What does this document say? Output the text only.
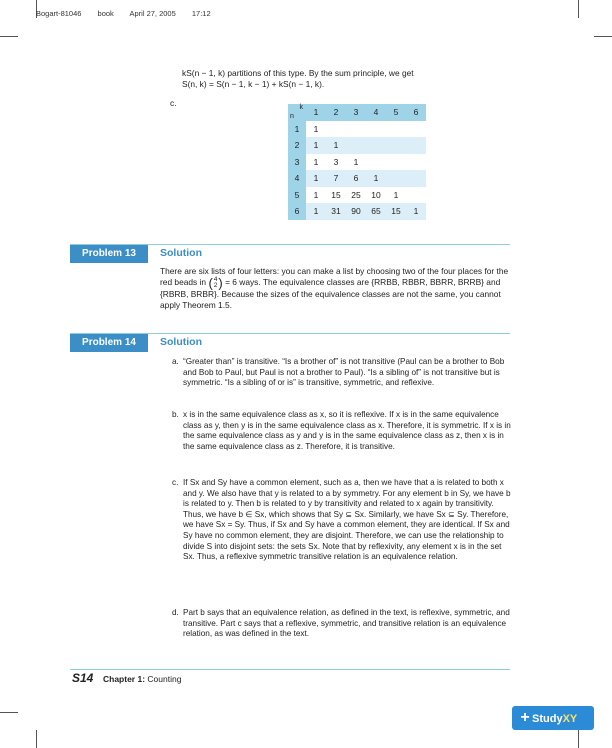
Bogart-81046 book April 27, 2005 17:12
kS(n − 1, k) partitions of this type. By the sum principle, we get
S(n, k) = S(n − 1, k − 1) + kS(n − 1, k).
c.
n
k	1	2	3	4	5	6
1	1					
2	1	1				
3	1	3	1			
4	1	7	6	1		
5	1	15	25	10	1	
6	1	31	90	65	15	1
Problem 13	Solution
There are six lists of four letters: you can make a list by choosing two of the four places for the red beads in (4
2) = 6 ways. The equivalence classes are {RRBB, RBBR, BBRR, BRRB} and {RBRB, BRBR}. Because the sizes of the equivalence classes are not the same, you cannot apply Theorem 1.5.
Problem 14	Solution
a. “Greater than” is transitive. “Is a brother of” is not transitive (Paul can be a brother to Bob and Bob to Paul, but Paul is not a brother to Paul). “Is a sibling of” is not transitive but is symmetric. “Is a sibling of or is” is transitive, symmetric, and reflexive.
b. x is in the same equivalence class as x, so it is reflexive. If x is in the same equivalence class as y, then y is in the same equivalence class as x. Therefore, it is symmetric. If x is in the same equivalence class as y and y is in the same equivalence class as z, then x is in the same equivalence class as z. Therefore, it is transitive.
c. If Sx and Sy have a common element, such as a, then we have that a is related to both x and y. We also have that y is related to a by symmetry. For any element b in Sy, we have b is related to y. Then b is related to y by transitivity and related to x again by transitivity. Thus, we have b ∈ Sx, which shows that Sy ⊆ Sx. Similarly, we have Sx ⊆ Sy. Therefore, we have Sx = Sy. Thus, if Sx and Sy have a common element, they are identical. If Sx and Sy have no common element, they are disjoint. Therefore, we can use the relationship to divide S into disjoint sets: the sets Sx. Note that by reflexivity, any element x is in the set Sx. Thus, a reflexive symmetric transitive relation is an equivalence relation.
d. Part b says that an equivalence relation, as defined in the text, is reflexive, symmetric, and transitive. Part c says that a reflexive, symmetric, and transitive relation is an equivalence relation, as was defined in the text.
S14 Chapter 1: Counting
+ StudyXY
